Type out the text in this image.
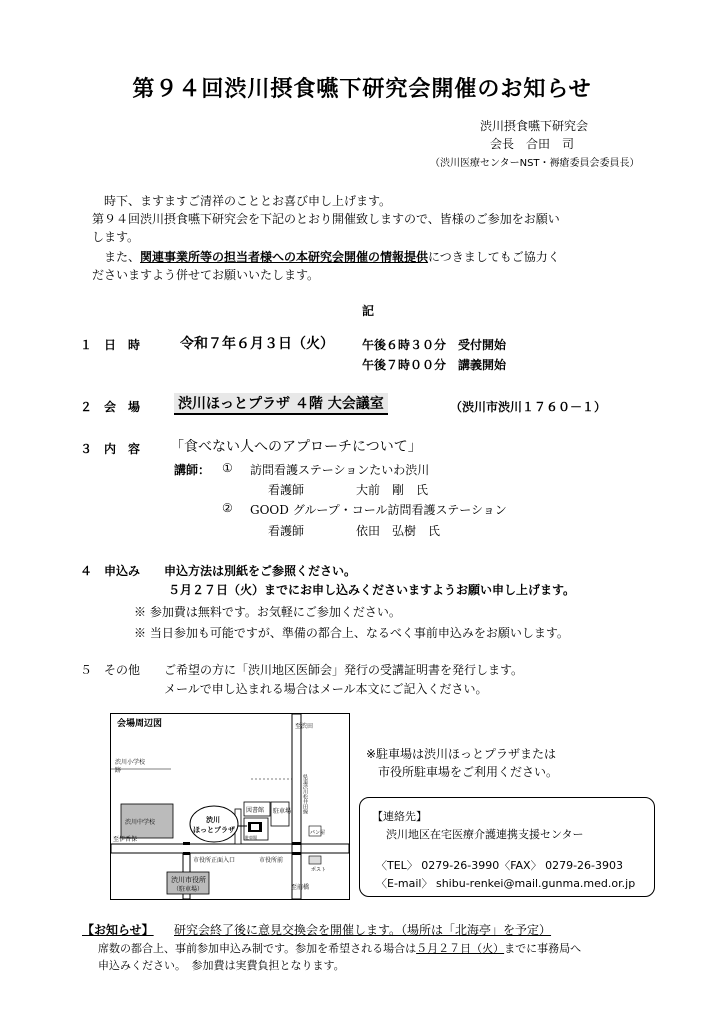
第９４回渋川摂食嚥下研究会開催のお知らせ
渋川摂食嚥下研究会
会長　合田　司
（渋川医療センターNST・褥瘡委員会委員長）
時下、ますますご清祥のこととお喜び申し上げます。
第９４回渋川摂食嚥下研究会を下記のとおり開催致しますので、皆様のご参加をお願い
します。
また、関連事業所等の担当者様への本研究会開催の情報提供につきましてもご協力く
ださいますよう併せてお願いいたします。
記
１ 日　時	令和７年６月３日（火） 午後６時３０分　受付開始
午後７時００分　講義開始
２ 会　場	渋川ほっとプラザ ４階 大会議室	（渋川市渋川１７６０－１）
３ 内　容 「食べない人へのアプローチについて」
講師： ① 訪問看護ステーションたいわ渋川
看護師	大前　剛　氏
② GOOD グループ・コール訪問看護ステーション
看護師	依田　弘樹　氏
４ 申込み 申込方法は別紙をご参照ください。
５月２７日（火）までにお申し込みくださいますようお願い申し上げます。
※ 参加費は無料です。お気軽にご参加ください。
※ 当日参加も可能ですが、準備の都合上、なるべく事前申込みをお願いします。
５ その他 ご希望の方に「渋川地区医師会」発行の受講証明書を発行します。
メールで申し込まれる場合はメール本文にご記入ください。
会場周辺図	至渋田
渋川小学校
跡
渋川中学校
図書館 駐車場
渋川
ほっとプラザ
駐車場
パン屋
ポスト
至伊香保
市役所正面入口	市役所前
渋川市役所
（駐車場）	至前橋
県道渋川松井田線
※駐車場は渋川ほっとプラザまたは
市役所駐車場をご利用ください。
【連絡先】
渋川地区在宅医療介護連携支援センター
〈TEL〉 0279-26-3990〈FAX〉 0279-26-3903
〈E-mail〉 shibu-renkei@mail.gunma.med.or.jp
【お知らせ】 研究会終了後に意見交換会を開催します。（場所は「北海亭」を予定）
席数の都合上、事前参加申込み制です。参加を希望される場合は５月２７日（火）までに事務局へ
申込みください。　参加費は実費負担となります。
